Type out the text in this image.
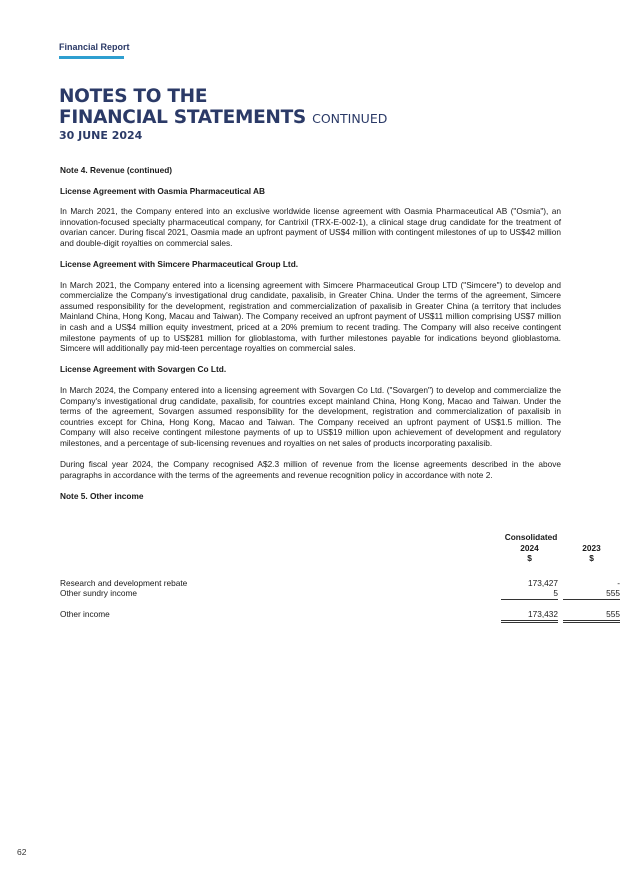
Financial Report
NOTES TO THE
FINANCIAL STATEMENTS CONTINUED
30 JUNE 2024
Note 4. Revenue (continued)
License Agreement with Oasmia Pharmaceutical AB

In March 2021, the Company entered into an exclusive worldwide license agreement with Oasmia Pharmaceutical AB ("Osmia"), an innovation-focused specialty pharmaceutical company, for Cantrixil (TRX-E-002-1), a clinical stage drug candidate for the treatment of ovarian cancer. During fiscal 2021, Oasmia made an upfront payment of US$4 million with contingent milestones of up to US$42 million and double-digit royalties on commercial sales.

License Agreement with Simcere Pharmaceutical Group Ltd.

In March 2021, the Company entered into a licensing agreement with Simcere Pharmaceutical Group LTD ("Simcere") to develop and commercialize the Company's investigational drug candidate, paxalisib, in Greater China. Under the terms of the agreement, Simcere assumed responsibility for the development, registration and commercialization of paxalisib in Greater China (a territory that includes Mainland China, Hong Kong, Macau and Taiwan). The Company received an upfront payment of US$11 million comprising US$7 million in cash and a US$4 million equity investment, priced at a 20% premium to recent trading. The Company will also receive contingent milestone payments of up to US$281 million for glioblastoma, with further milestones payable for indications beyond glioblastoma. Simcere will additionally pay mid-teen percentage royalties on commercial sales.

License Agreement with Sovargen Co Ltd.

In March 2024, the Company entered into a licensing agreement with Sovargen Co Ltd. ("Sovargen") to develop and commercialize the Company's investigational drug candidate, paxalisib, for countries except mainland China, Hong Kong, Macao and Taiwan. Under the terms of the agreement, Sovargen assumed responsibility for the development, registration and commercialization of paxalisib in countries except for China, Hong Kong, Macao and Taiwan. The Company received an upfront payment of US$1.5 million. The Company will also receive contingent milestone payments of up to US$19 million upon achievement of development and regulatory milestones, and a percentage of sub-licensing revenues and royalties on net sales of products incorporating paxalisib.

During fiscal year 2024, the Company recognised A$2.3 million of revenue from the license agreements described in the above paragraphs in accordance with the terms of the agreements and revenue recognition policy in accordance with note 2.

Note 5. Other income
Consolidated
2024	2023
$	$
Research and development rebate	173,427	-
Other sundry income	5	555
Other income	173,432	555
62
